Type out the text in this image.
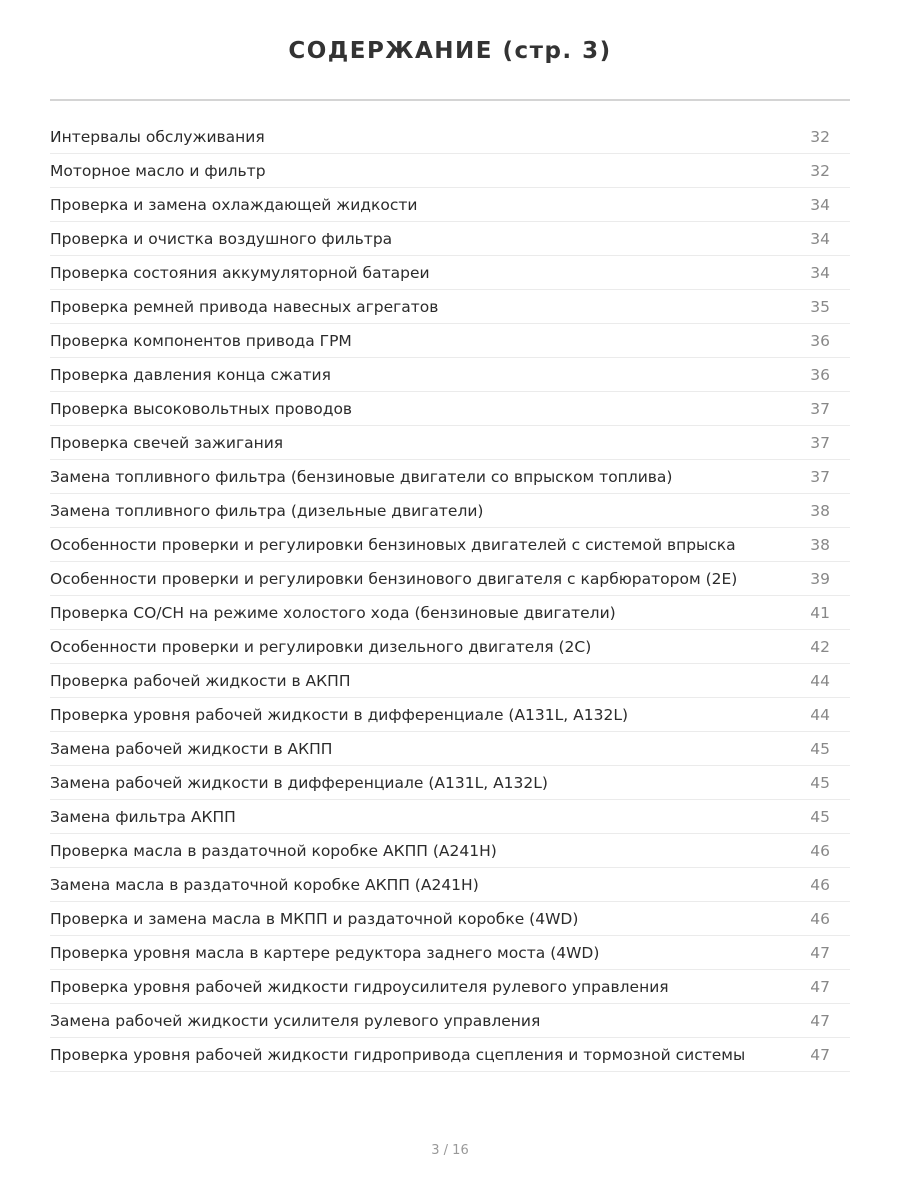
СОДЕРЖАНИЕ (стр. 3)
Интервалы обслуживания	32
Моторное масло и фильтр	32
Проверка и замена охлаждающей жидкости	34
Проверка и очистка воздушного фильтра	34
Проверка состояния аккумуляторной батареи	34
Проверка ремней привода навесных агрегатов	35
Проверка компонентов привода ГРМ	36
Проверка давления конца сжатия	36
Проверка высоковольтных проводов	37
Проверка свечей зажигания	37
Замена топливного фильтра (бензиновые двигатели со впрыском топлива)	37
Замена топливного фильтра (дизельные двигатели)	38
Особенности проверки и регулировки бензиновых двигателей с системой впрыска	38
Особенности проверки и регулировки бензинового двигателя с карбюратором (2Е)	39
Проверка СО/СН на режиме холостого хода (бензиновые двигатели)	41
Особенности проверки и регулировки дизельного двигателя (2С)	42
Проверка рабочей жидкости в АКПП	44
Проверка уровня рабочей жидкости в дифференциале (А131L, А132L)	44
Замена рабочей жидкости в АКПП	45
Замена рабочей жидкости в дифференциале (А131L, А132L)	45
Замена фильтра АКПП	45
Проверка масла в раздаточной коробке АКПП (А241Н)	46
Замена масла в раздаточной коробке АКПП (А241Н)	46
Проверка и замена масла в МКПП и раздаточной коробке (4WD)	46
Проверка уровня масла в картере редуктора заднего моста (4WD)	47
Проверка уровня рабочей жидкости гидроусилителя рулевого управления	47
Замена рабочей жидкости усилителя рулевого управления	47
Проверка уровня рабочей жидкости гидропривода сцепления и тормозной системы	47
3 / 16
